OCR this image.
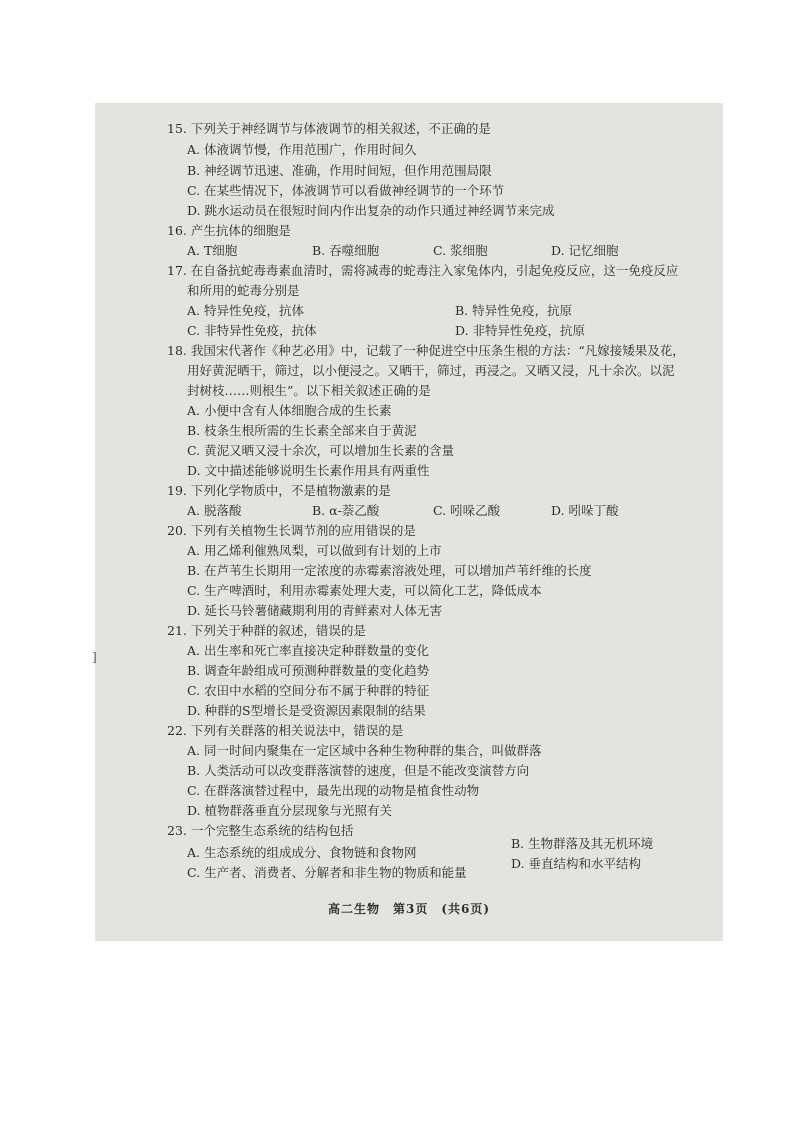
15. 下列关于神经调节与体液调节的相关叙述，不正确的是
A. 体液调节慢，作用范围广，作用时间久
B. 神经调节迅速、准确，作用时间短，但作用范围局限
C. 在某些情况下，体液调节可以看做神经调节的一个环节
D. 跳水运动员在很短时间内作出复杂的动作只通过神经调节来完成
16. 产生抗体的细胞是
A. T细胞	B. 吞噬细胞	C. 浆细胞	D. 记忆细胞
17. 在自备抗蛇毒毒素血清时，需将减毒的蛇毒注入家兔体内，引起免疫反应，这一免疫反应
和所用的蛇毒分别是
A. 特异性免疫，抗体	B. 特异性免疫，抗原
C. 非特异性免疫，抗体	D. 非特异性免疫，抗原
18. 我国宋代著作《种艺必用》中，记载了一种促进空中压条生根的方法：“凡嫁接矮果及花，
用好黄泥晒干，筛过，以小便浸之。又晒干，筛过，再浸之。又晒又浸，凡十余次。以泥
封树枝……则根生”。以下相关叙述正确的是
A. 小便中含有人体细胞合成的生长素
B. 枝条生根所需的生长素全部来自于黄泥
C. 黄泥又晒又浸十余次，可以增加生长素的含量
D. 文中描述能够说明生长素作用具有两重性
19. 下列化学物质中，不是植物激素的是
A. 脱落酸	B. α-萘乙酸	C. 吲哚乙酸	D. 吲哚丁酸
20. 下列有关植物生长调节剂的应用错误的是
A. 用乙烯利催熟凤梨，可以做到有计划的上市
B. 在芦苇生长期用一定浓度的赤霉素溶液处理，可以增加芦苇纤维的长度
C. 生产啤酒时，利用赤霉素处理大麦，可以简化工艺，降低成本
D. 延长马铃薯储藏期利用的青鲜素对人体无害
21. 下列关于种群的叙述，错误的是
A. 出生率和死亡率直接决定种群数量的变化
B. 调查年龄组成可预测种群数量的变化趋势
C. 农田中水稻的空间分布不属于种群的特征
D. 种群的S型增长是受资源因素限制的结果
22. 下列有关群落的相关说法中，错误的是
A. 同一时间内聚集在一定区域中各种生物种群的集合，叫做群落
B. 人类活动可以改变群落演替的速度，但是不能改变演替方向
C. 在群落演替过程中，最先出现的动物是植食性动物
D. 植物群落垂直分层现象与光照有关
23. 一个完整生态系统的结构包括
A. 生态系统的组成成分、食物链和食物网
B. 生物群落及其无机环境
C. 生产者、消费者、分解者和非生物的物质和能量
D. 垂直结构和水平结构
高二生物　第3页　(共6页)
]
